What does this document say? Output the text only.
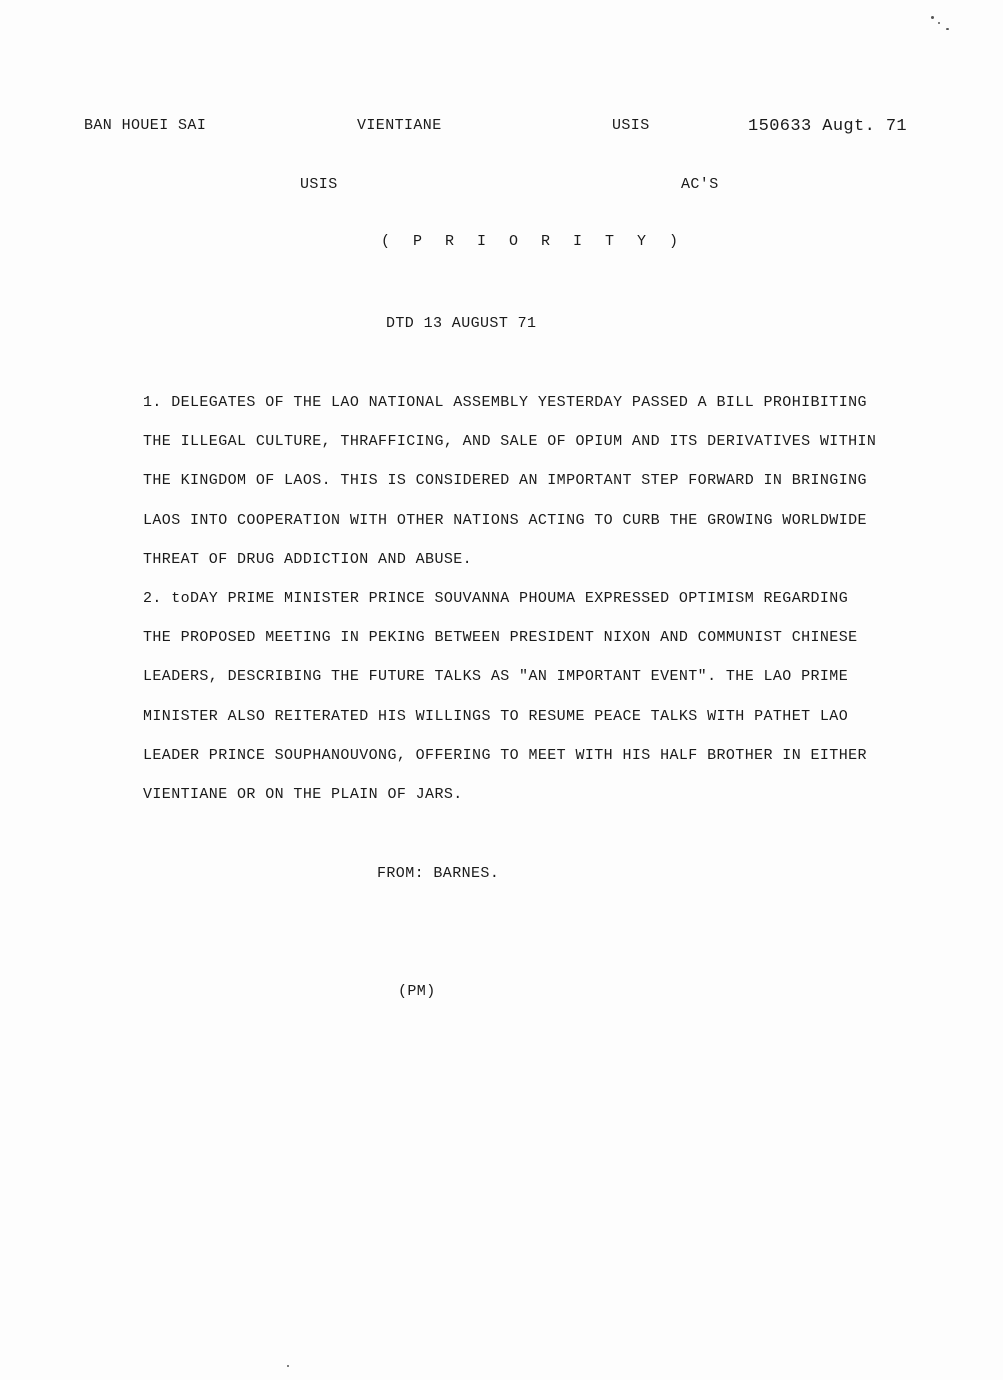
BAN HOUEI SAI	VIENTIANE	USIS	150633 Augt. 71
USIS	AC'S
( P R I O R I T Y )
DTD 13 AUGUST 71
1. DELEGATES OF THE LAO NATIONAL ASSEMBLY YESTERDAY PASSED A BILL PROHIBITING
THE ILLEGAL CULTURE, THRAFFICING, AND SALE OF OPIUM AND ITS DERIVATIVES WITHIN
THE KINGDOM OF LAOS. THIS IS CONSIDERED AN IMPORTANT STEP FORWARD IN BRINGING
LAOS INTO COOPERATION WITH OTHER NATIONS ACTING TO CURB THE GROWING WORLDWIDE
THREAT OF DRUG ADDICTION AND ABUSE.
2. toDAY PRIME MINISTER PRINCE SOUVANNA PHOUMA EXPRESSED OPTIMISM REGARDING
THE PROPOSED MEETING IN PEKING BETWEEN PRESIDENT NIXON AND COMMUNIST CHINESE
LEADERS, DESCRIBING THE FUTURE TALKS AS "AN IMPORTANT EVENT". THE LAO PRIME
MINISTER ALSO REITERATED HIS WILLINGS TO RESUME PEACE TALKS WITH PATHET LAO
LEADER PRINCE SOUPHANOUVONG, OFFERING TO MEET WITH HIS HALF BROTHER IN EITHER
VIENTIANE OR ON THE PLAIN OF JARS.
FROM: BARNES.
(PM)
